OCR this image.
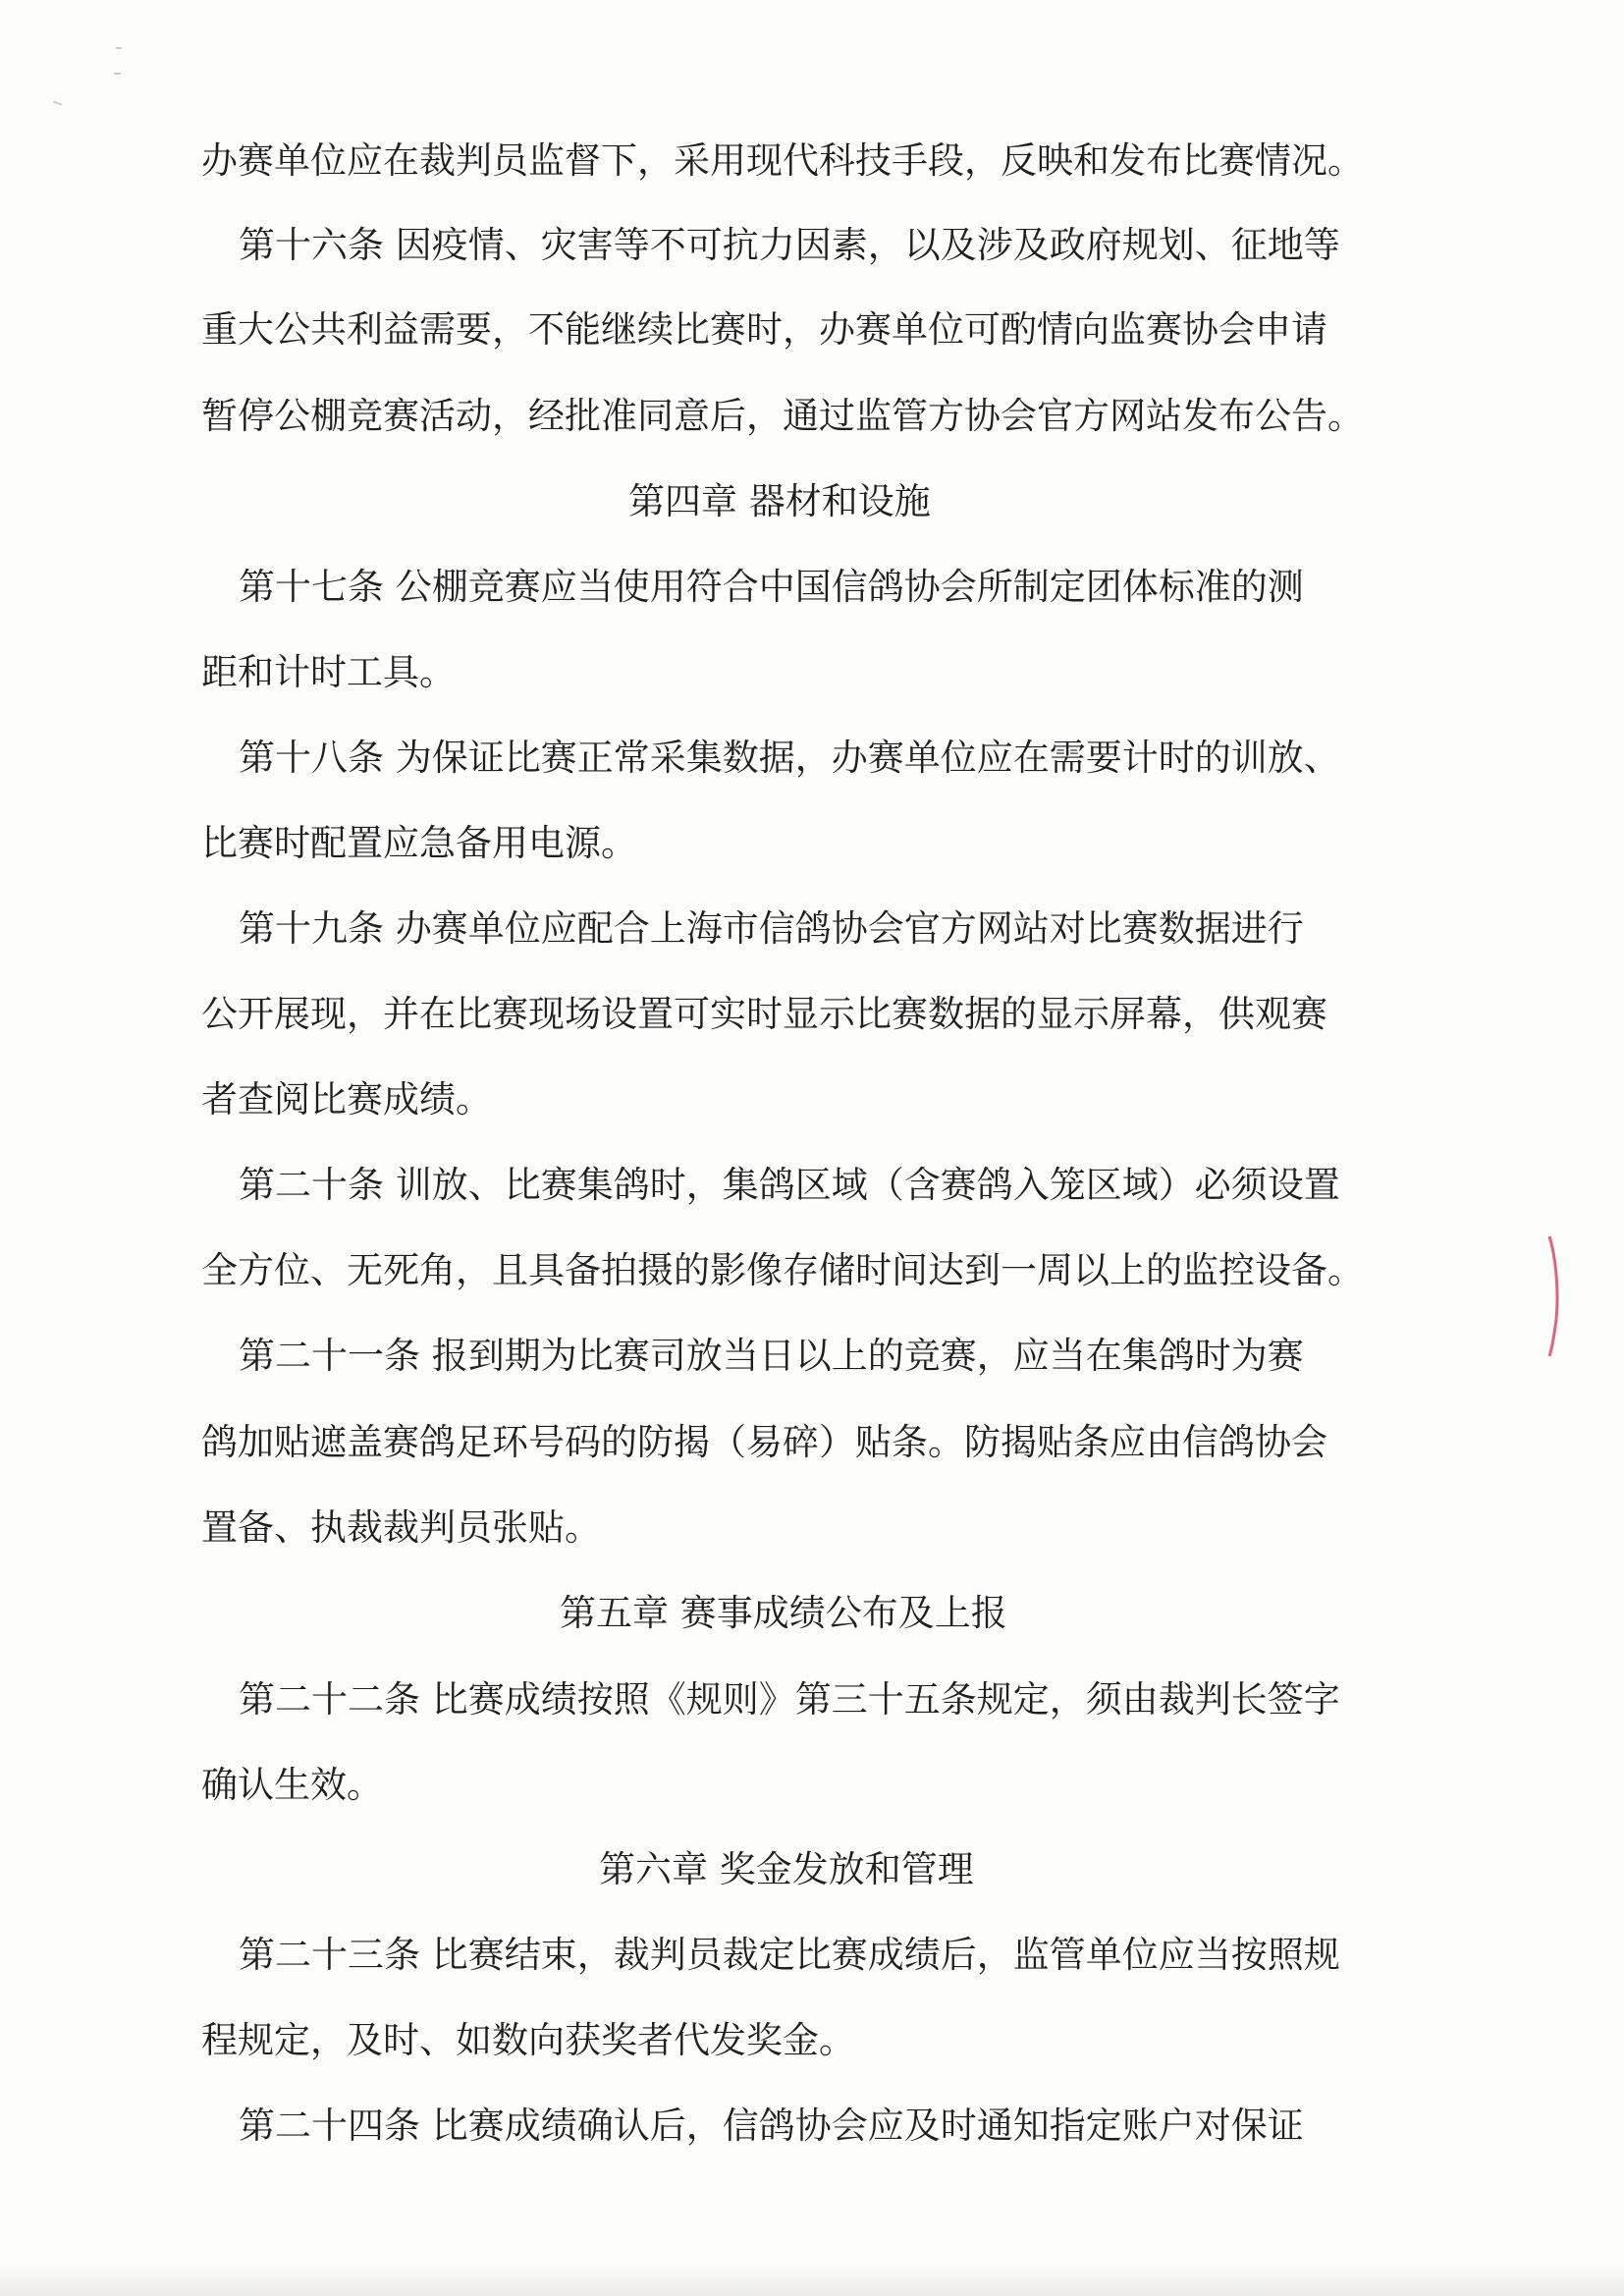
办赛单位应在裁判员监督下，采用现代科技手段，反映和发布比赛情况。
第十六条 因疫情、灾害等不可抗力因素，以及涉及政府规划、征地等
重大公共利益需要，不能继续比赛时，办赛单位可酌情向监赛协会申请
暂停公棚竞赛活动，经批准同意后，通过监管方协会官方网站发布公告。
第四章 器材和设施
第十七条 公棚竞赛应当使用符合中国信鸽协会所制定团体标准的测
距和计时工具。
第十八条 为保证比赛正常采集数据，办赛单位应在需要计时的训放、
比赛时配置应急备用电源。
第十九条 办赛单位应配合上海市信鸽协会官方网站对比赛数据进行
公开展现，并在比赛现场设置可实时显示比赛数据的显示屏幕，供观赛
者查阅比赛成绩。
第二十条 训放、比赛集鸽时，集鸽区域（含赛鸽入笼区域）必须设置
全方位、无死角，且具备拍摄的影像存储时间达到一周以上的监控设备。
第二十一条 报到期为比赛司放当日以上的竞赛，应当在集鸽时为赛
鸽加贴遮盖赛鸽足环号码的防揭（易碎）贴条。防揭贴条应由信鸽协会
置备、执裁裁判员张贴。
第五章 赛事成绩公布及上报
第二十二条 比赛成绩按照《规则》第三十五条规定，须由裁判长签字
确认生效。
第六章 奖金发放和管理
第二十三条 比赛结束，裁判员裁定比赛成绩后，监管单位应当按照规
程规定，及时、如数向获奖者代发奖金。
第二十四条 比赛成绩确认后，信鸽协会应及时通知指定账户对保证
